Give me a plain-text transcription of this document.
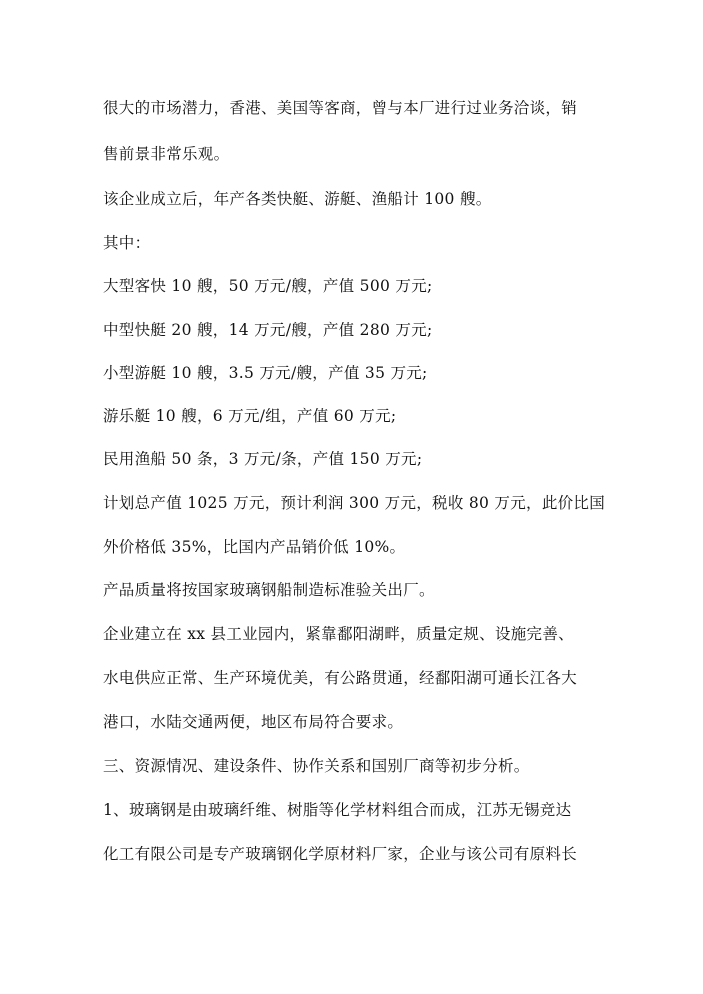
很大的市场潜力，香港、美国等客商，曾与本厂进行过业务洽谈，销
售前景非常乐观。
该企业成立后，年产各类快艇、游艇、渔船计 100 艘。
其中：
大型客快 10 艘，50 万元/艘，产值 500 万元;
中型快艇 20 艘，14 万元/艘，产值 280 万元;
小型游艇 10 艘，3.5 万元/艘，产值 35 万元;
游乐艇 10 艘，6 万元/组，产值 60 万元;
民用渔船 50 条，3 万元/条，产值 150 万元;
计划总产值 1025 万元，预计利润 300 万元，税收 80 万元，此价比国
外价格低 35%，比国内产品销价低 10%。
产品质量将按国家玻璃钢船制造标准验关出厂。
企业建立在 xx 县工业园内，紧靠鄱阳湖畔，质量定规、设施完善、
水电供应正常、生产环境优美，有公路贯通，经鄱阳湖可通长江各大
港口，水陆交通两便，地区布局符合要求。
三、资源情况、建设条件、协作关系和国别厂商等初步分析。
1、玻璃钢是由玻璃纤维、树脂等化学材料组合而成，江苏无锡竞达
化工有限公司是专产玻璃钢化学原材料厂家，企业与该公司有原料长
